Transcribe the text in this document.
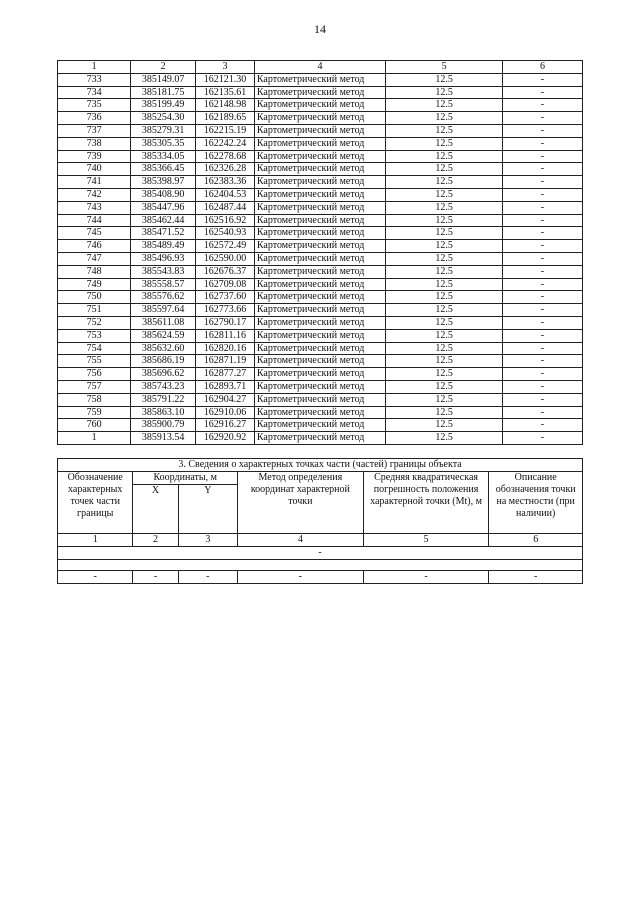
14
1	2	3	4	5	6
733	385149.07	162121.30	Картометрический метод	12.5	-
734	385181.75	162135.61	Картометрический метод	12.5	-
735	385199.49	162148.98	Картометрический метод	12.5	-
736	385254.30	162189.65	Картометрический метод	12.5	-
737	385279.31	162215.19	Картометрический метод	12.5	-
738	385305.35	162242.24	Картометрический метод	12.5	-
739	385334.05	162278.68	Картометрический метод	12.5	-
740	385366.45	162326.28	Картометрический метод	12.5	-
741	385398.97	162383.36	Картометрический метод	12.5	-
742	385408.90	162404.53	Картометрический метод	12.5	-
743	385447.96	162487.44	Картометрический метод	12.5	-
744	385462.44	162516.92	Картометрический метод	12.5	-
745	385471.52	162540.93	Картометрический метод	12.5	-
746	385489.49	162572.49	Картометрический метод	12.5	-
747	385496.93	162590.00	Картометрический метод	12.5	-
748	385543.83	162676.37	Картометрический метод	12.5	-
749	385558.57	162709.08	Картометрический метод	12.5	-
750	385576.62	162737.60	Картометрический метод	12.5	-
751	385597.64	162773.66	Картометрический метод	12.5	-
752	385611.08	162790.17	Картометрический метод	12.5	-
753	385624.59	162811.16	Картометрический метод	12.5	-
754	385632.60	162820.16	Картометрический метод	12.5	-
755	385686.19	162871.19	Картометрический метод	12.5	-
756	385696.62	162877.27	Картометрический метод	12.5	-
757	385743.23	162893.71	Картометрический метод	12.5	-
758	385791.22	162904.27	Картометрический метод	12.5	-
759	385863.10	162910.06	Картометрический метод	12.5	-
760	385900.79	162916.27	Картометрический метод	12.5	-
1	385913.54	162920.92	Картометрический метод	12.5	-
3. Сведения о характерных точках части (частей) границы объекта					
Обозначение характерных точек части границы	Координаты, м		Метод определения координат характерной точки	Средняя квадратическая погрешность положения характерной точки (Mt), м	Описание обозначения точки на местности (при наличии)
	X	Y			
1	2	3	4	5	6
-					

-	-	-	-	-	-
